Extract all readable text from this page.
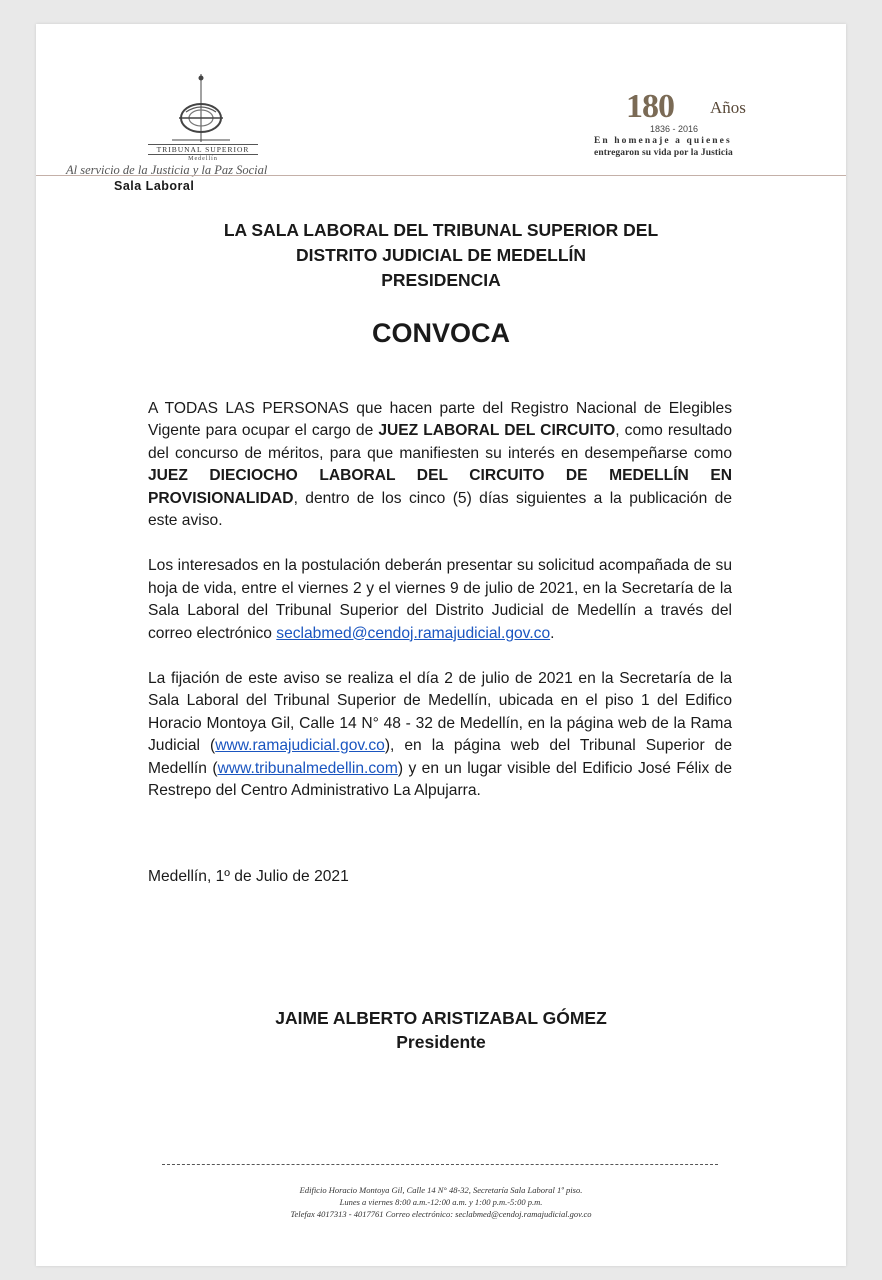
TRIBUNAL SUPERIOR
Medellín
Al servicio de la Justicia y la Paz Social
180 Años
1836 - 2016
En homenaje a quienes
entregaron su vida por la Justicia
Sala Laboral
LA SALA LABORAL DEL TRIBUNAL SUPERIOR DEL
DISTRITO JUDICIAL DE MEDELLÍN
PRESIDENCIA
CONVOCA

A TODAS LAS PERSONAS que hacen parte del Registro Nacional de Elegibles Vigente para ocupar el cargo de JUEZ LABORAL DEL CIRCUITO, como resultado del concurso de méritos, para que manifiesten su interés en desempeñarse como JUEZ DIECIOCHO LABORAL DEL CIRCUITO DE MEDELLÍN EN PROVISIONALIDAD, dentro de los cinco (5) días siguientes a la publicación de este aviso.

Los interesados en la postulación deberán presentar su solicitud acompañada de su hoja de vida, entre el viernes 2 y el viernes 9 de julio de 2021, en la Secretaría de la Sala Laboral del Tribunal Superior del Distrito Judicial de Medellín a través del correo electrónico seclabmed@cendoj.ramajudicial.gov.co.

La fijación de este aviso se realiza el día 2 de julio de 2021 en la Secretaría de la Sala Laboral del Tribunal Superior de Medellín, ubicada en el piso 1 del Edifico Horacio Montoya Gil, Calle 14 N° 48 - 32 de Medellín, en la página web de la Rama Judicial (www.ramajudicial.gov.co), en la página web del Tribunal Superior de Medellín (www.tribunalmedellin.com) y en un lugar visible del Edificio José Félix de Restrepo del Centro Administrativo La Alpujarra.

Medellín, 1º de Julio de 2021
JAIME ALBERTO ARISTIZABAL GÓMEZ
Presidente
Edificio Horacio Montoya Gil, Calle 14 N° 48-32, Secretaría Sala Laboral 1º piso.
Lunes a viernes 8:00 a.m.-12:00 a.m. y 1:00 p.m.-5:00 p.m.
Telefax 4017313 - 4017761 Correo electrónico: seclabmed@cendoj.ramajudicial.gov.co
